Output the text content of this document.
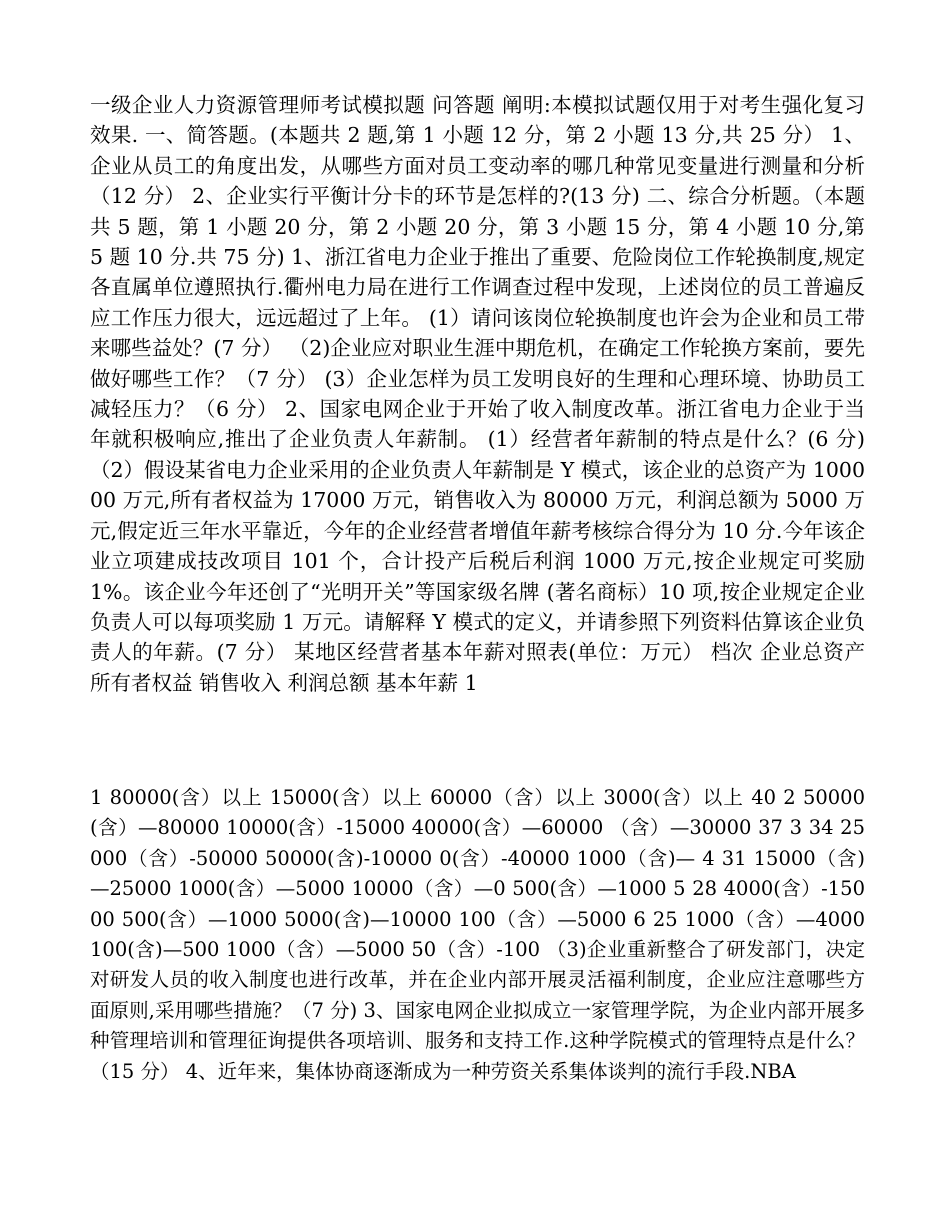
一级企业人力资源管理师考试模拟题 问答题 阐明:本模拟试题仅用于对考生强化复习效果. 一、简答题。(本题共 2 题,第 1 小题 12 分，第 2 小题 13 分,共 25 分） 1、企业从员工的角度出发，从哪些方面对员工变动率的哪几种常见变量进行测量和分析 （12 分） 2、企业实行平衡计分卡的环节是怎样的?(13 分) 二、综合分析题。（本题共 5 题，第 1 小题 20 分，第 2 小题 20 分，第 3 小题 15 分，第 4 小题 10 分,第 5 题 10 分.共 75 分) 1、浙江省电力企业于推出了重要、危险岗位工作轮换制度,规定各直属单位遵照执行.衢州电力局在进行工作调查过程中发现，上述岗位的员工普遍反应工作压力很大，远远超过了上年。 (1）请问该岗位轮换制度也许会为企业和员工带来哪些益处？(7 分） （2)企业应对职业生涯中期危机，在确定工作轮换方案前，要先做好哪些工作？（7 分） (3）企业怎样为员工发明良好的生理和心理环境、协助员工减轻压力？（6 分） 2、国家电网企业于开始了收入制度改革。浙江省电力企业于当年就积极响应,推出了企业负责人年薪制。 (1）经营者年薪制的特点是什么？(6 分) （2）假设某省电力企业采用的企业负责人年薪制是 Y 模式，该企业的总资产为 100000 万元,所有者权益为 17000 万元，销售收入为 80000 万元，利润总额为 5000 万元,假定近三年水平靠近，今年的企业经营者增值年薪考核综合得分为 10 分.今年该企业立项建成技改项目 101 个，合计投产后税后利润 1000 万元,按企业规定可奖励 1%。该企业今年还创了“光明开关”等国家级名牌 (著名商标）10 项,按企业规定企业负责人可以每项奖励 1 万元。请解释 Y 模式的定义，并请参照下列资料估算该企业负责人的年薪。(7 分） 某地区经营者基本年薪对照表(单位：万元） 档次 企业总资产 所有者权益 销售收入 利润总额 基本年薪 1
1 80000(含）以上 15000(含）以上 60000（含）以上 3000(含）以上 40 2 50000(含）—80000 10000(含）-15000 40000(含）—60000 （含）—30000 37 3 34 25000（含）-50000 50000(含)-10000 0(含）-40000 1000（含)— 4 31 15000（含)—25000 1000(含）—5000 10000（含）—0 500(含）—1000 5 28 4000(含）-15000 500(含）—1000 5000(含)—10000 100（含）—5000 6 25 1000（含）—4000 100(含)—500 1000（含）—5000 50（含）-100 （3)企业重新整合了研发部门，决定对研发人员的收入制度也进行改革，并在企业内部开展灵活福利制度，企业应注意哪些方面原则,采用哪些措施？（7 分) 3、国家电网企业拟成立一家管理学院，为企业内部开展多种管理培训和管理征询提供各项培训、服务和支持工作.这种学院模式的管理特点是什么？（15 分） 4、近年来，集体协商逐渐成为一种劳资关系集体谈判的流行手段.NBA
